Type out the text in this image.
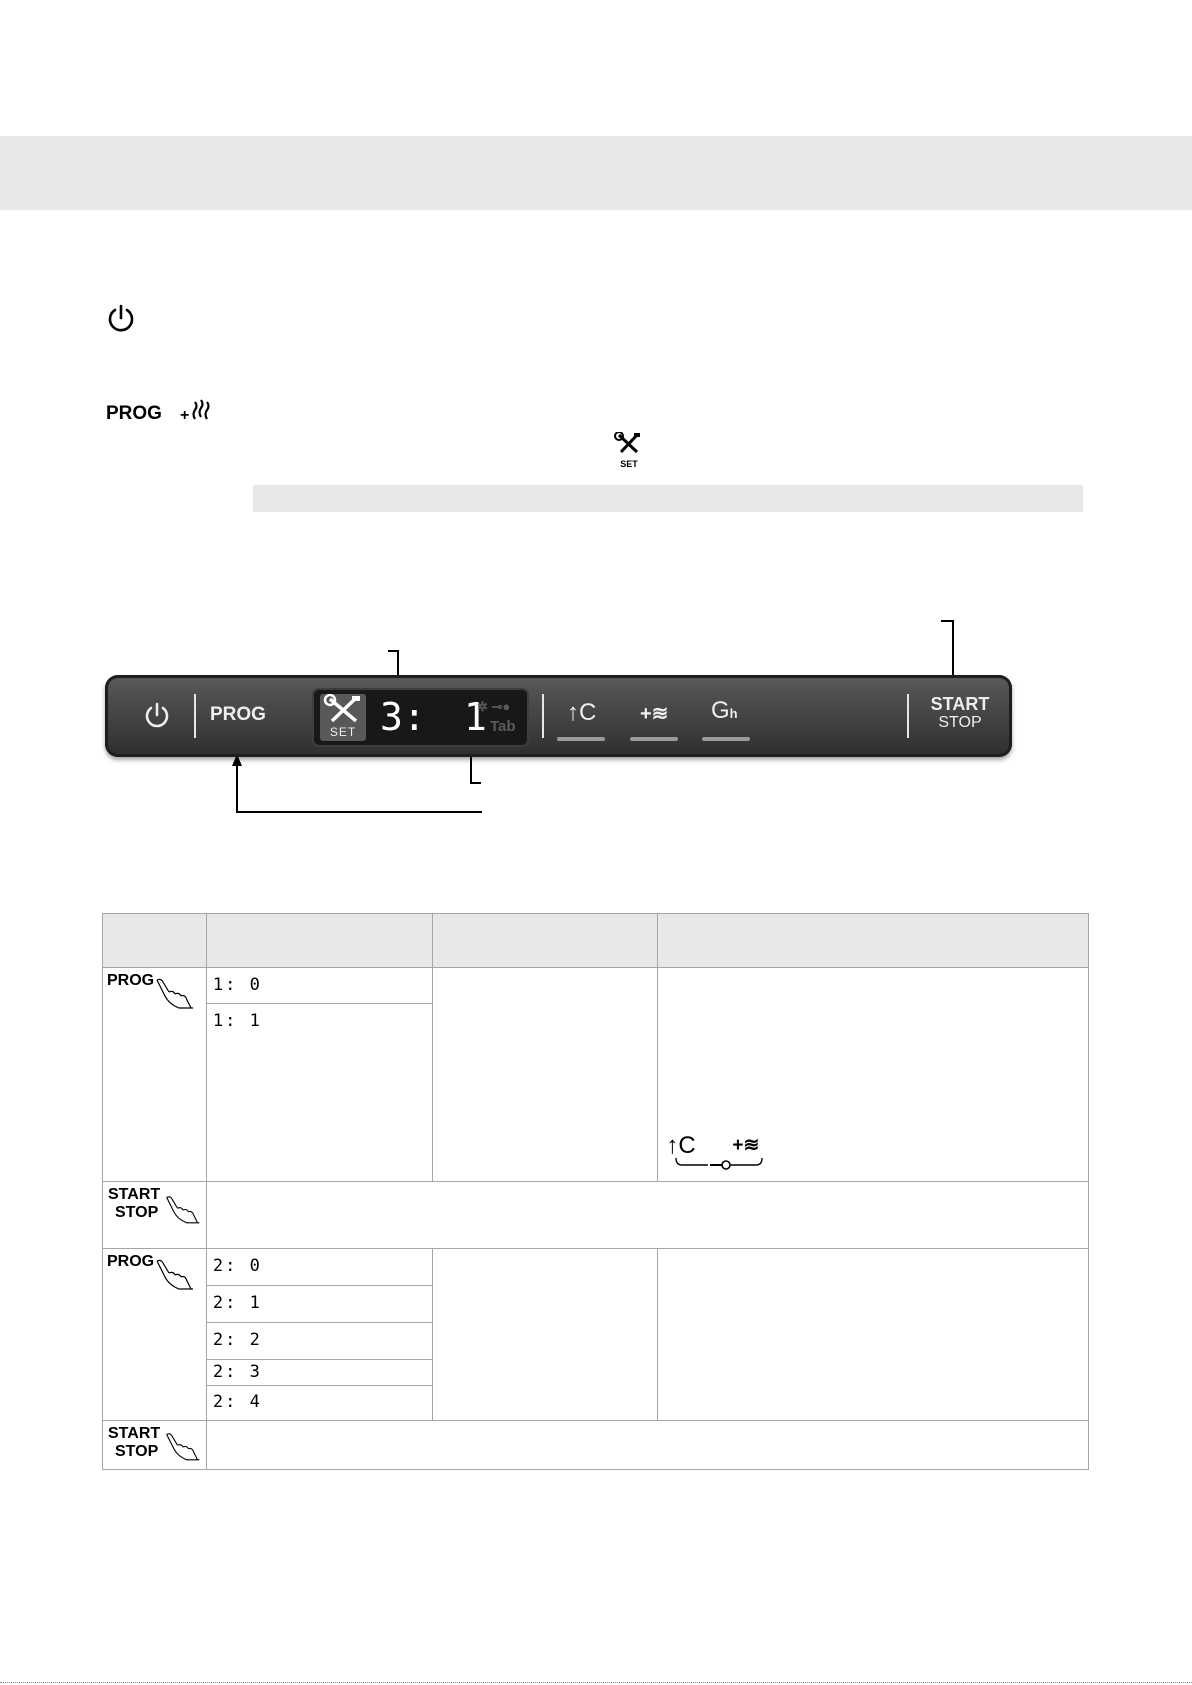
PROG +
SET
PROG
SET 3: 1
✲ ⊸●
Tab
↑C +≋ Gh	START
STOP

PROG	1: 0		↑C +≋

	1: 1		

START
STOP			

PROG	2: 0		
	2: 1		
	2: 2		
	2: 3		
	2: 4		

START
STOP			
